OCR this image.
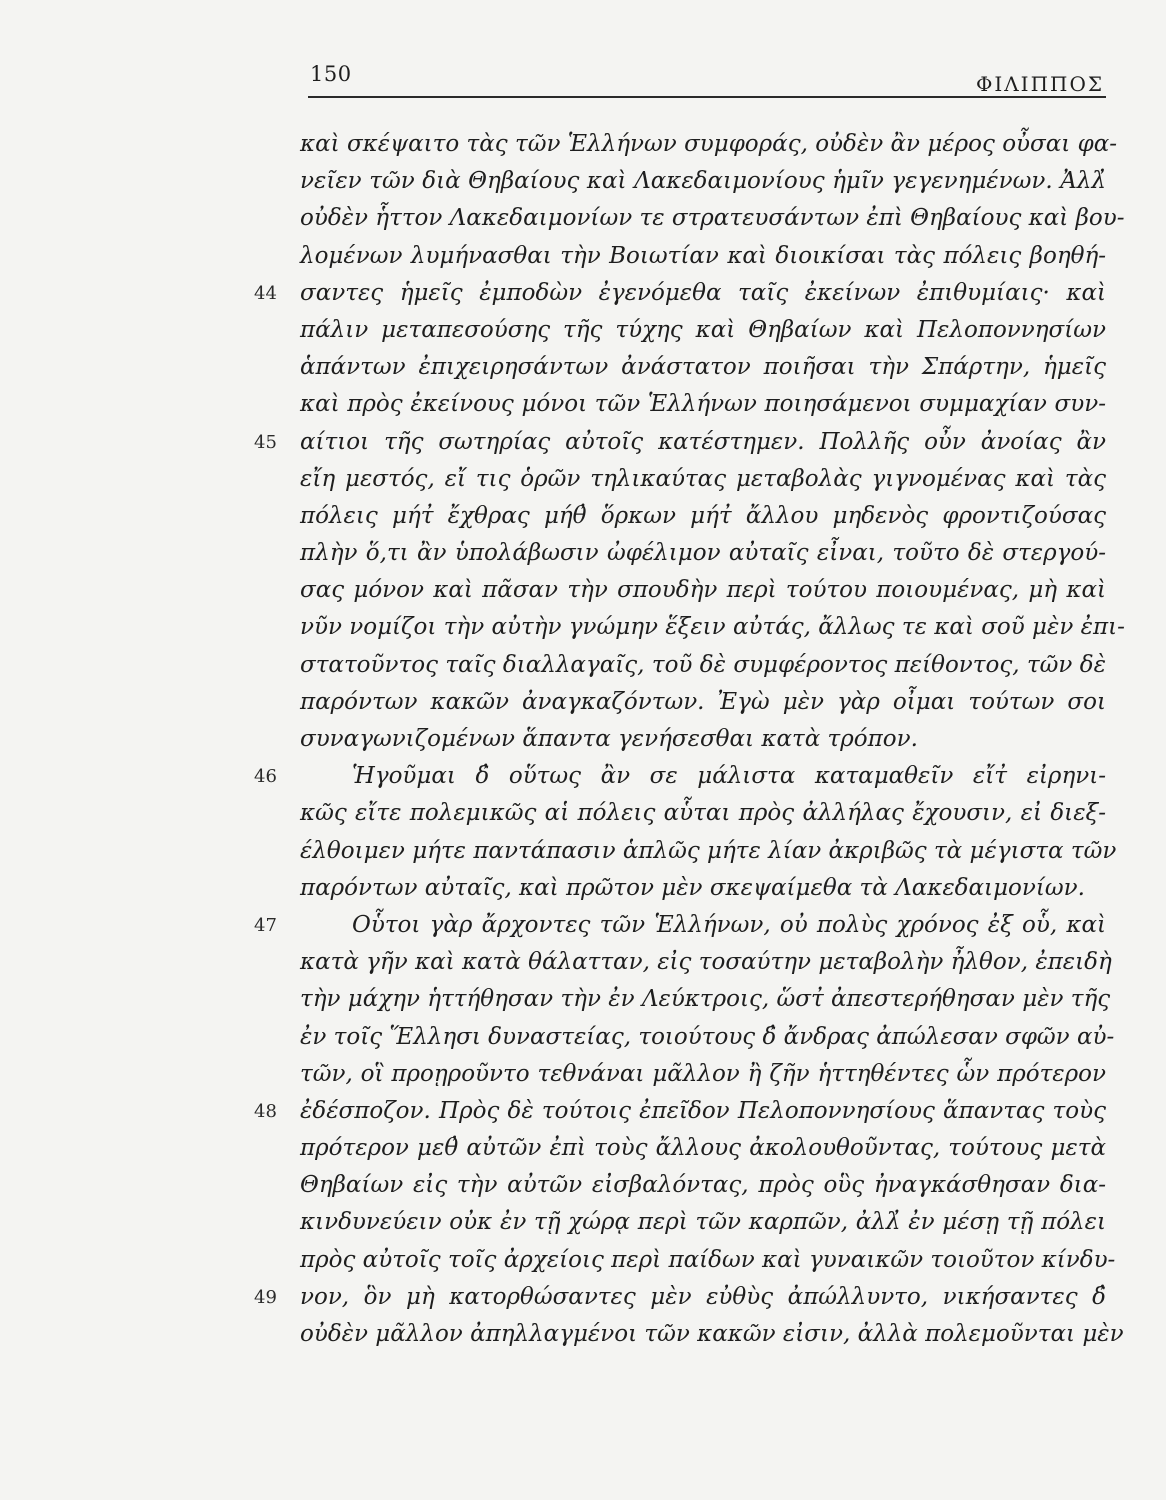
150	ΦΙΛΙΠΠΟΣ
καὶ σκέψαιτο τὰς τῶν Ἑλλήνων συμφοράς, οὐδὲν ἂν μέρος οὖσαι φα-
νεῖεν τῶν διὰ Θηβαίους καὶ Λακεδαιμονίους ἡμῖν γεγενημένων. Ἀλλ̓
οὐδὲν ἧττον Λακεδαιμονίων τε στρατευσάντων ἐπὶ Θηβαίους καὶ βου-
λομένων λυμήνασθαι τὴν Βοιωτίαν καὶ διοικίσαι τὰς πόλεις βοηθή-
44 σαντες ἡμεῖς ἐμποδὼν ἐγενόμεθα ταῖς ἐκείνων ἐπιθυμίαις· καὶ
πάλιν μεταπεσούσης τῆς τύχης καὶ Θηβαίων καὶ Πελοποννησίων
ἁπάντων ἐπιχειρησάντων ἀνάστατον ποιῆσαι τὴν Σπάρτην, ἡμεῖς
καὶ πρὸς ἐκείνους μόνοι τῶν Ἑλλήνων ποιησάμενοι συμμαχίαν συν-
45 αίτιοι τῆς σωτηρίας αὐτοῖς κατέστημεν. Πολλῆς οὖν ἀνοίας ἂν
εἴη μεστός, εἴ τις ὁρῶν τηλικαύτας μεταβολὰς γιγνομένας καὶ τὰς
πόλεις μήτ̓ ἔχθρας μήθ̓ ὅρκων μήτ̓ ἄλλου μηδενὸς φροντιζούσας
πλὴν ὅ,τι ἂν ὑπολάβωσιν ὠφέλιμον αὐταῖς εἶναι, τοῦτο δὲ στεργού-
σας μόνον καὶ πᾶσαν τὴν σπουδὴν περὶ τούτου ποιουμένας, μὴ καὶ
νῦν νομίζοι τὴν αὐτὴν γνώμην ἕξειν αὐτάς, ἄλλως τε καὶ σοῦ μὲν ἐπι-
στατοῦντος ταῖς διαλλαγαῖς, τοῦ δὲ συμφέροντος πείθοντος, τῶν δὲ
παρόντων κακῶν ἀναγκαζόντων. Ἐγὼ μὲν γὰρ οἶμαι τούτων σοι
συναγωνιζομένων ἅπαντα γενήσεσθαι κατὰ τρόπον.
46	Ἡγοῦμαι δ̓ οὕτως ἂν σε μάλιστα καταμαθεῖν εἴτ̓ εἰρηνι-
κῶς εἴτε πολεμικῶς αἱ πόλεις αὗται πρὸς ἀλλήλας ἔχουσιν, εἰ διεξ-
έλθοιμεν μήτε παντάπασιν ἁπλῶς μήτε λίαν ἀκριβῶς τὰ μέγιστα τῶν
παρόντων αὐταῖς, καὶ πρῶτον μὲν σκεψαίμεθα τὰ Λακεδαιμονίων.
47	Οὗτοι γὰρ ἄρχοντες τῶν Ἑλλήνων, οὐ πολὺς χρόνος ἐξ οὗ, καὶ
κατὰ γῆν καὶ κατὰ θάλατταν, εἰς τοσαύτην μεταβολὴν ἦλθον, ἐπειδὴ
τὴν μάχην ἡττήθησαν τὴν ἐν Λεύκτροις, ὥστ̓ ἀπεστερήθησαν μὲν τῆς
ἐν τοῖς Ἕλλησι δυναστείας, τοιούτους δ̓ ἄνδρας ἀπώλεσαν σφῶν αὐ-
τῶν, οἳ προῃροῦντο τεθνάναι μᾶλλον ἢ ζῆν ἡττηθέντες ὧν πρότερον
48 ἐδέσποζον. Πρὸς δὲ τούτοις ἐπεῖδον Πελοποννησίους ἅπαντας τοὺς
πρότερον μεθ̓ αὐτῶν ἐπὶ τοὺς ἄλλους ἀκολουθοῦντας, τούτους μετὰ
Θηβαίων εἰς τὴν αὐτῶν εἰσβαλόντας, πρὸς οὓς ἠναγκάσθησαν δια-
κινδυνεύειν οὐκ ἐν τῇ χώρᾳ περὶ τῶν καρπῶν, ἀλλ̓ ἐν μέσῃ τῇ πόλει
πρὸς αὐτοῖς τοῖς ἀρχείοις περὶ παίδων καὶ γυναικῶν τοιοῦτον κίνδυ-
49 νον, ὃν μὴ κατορθώσαντες μὲν εὐθὺς ἀπώλλυντο, νικήσαντες δ̓
οὐδὲν μᾶλλον ἀπηλλαγμένοι τῶν κακῶν εἰσιν, ἀλλὰ πολεμοῦνται μὲν
